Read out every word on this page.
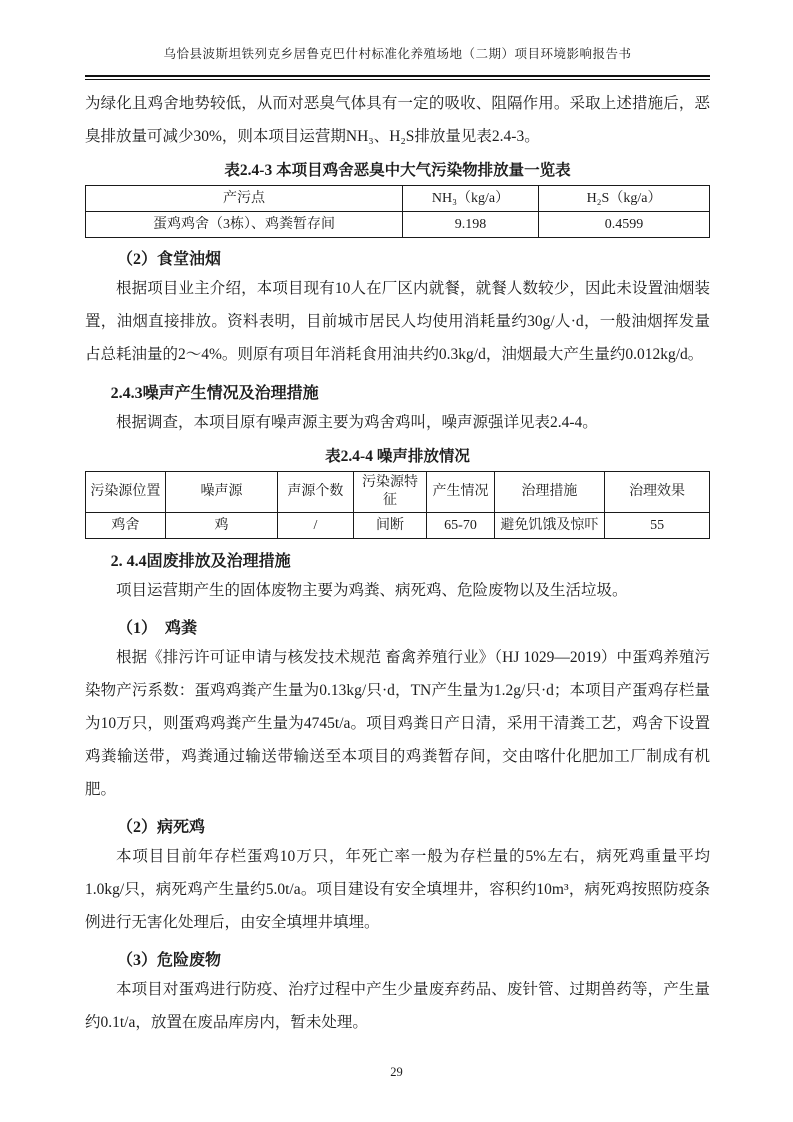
乌恰县波斯坦铁列克乡居鲁克巴什村标准化养殖场地（二期）项目环境影响报告书

为绿化且鸡舍地势较低，从而对恶臭气体具有一定的吸收、阻隔作用。采取上述措施后，恶臭排放量可减少30%，则本项目运营期NH₃、H₂S排放量见表2.4-3。

表2.4-3 本项目鸡舍恶臭中大气污染物排放量一览表
产污点	NH₃（kg/a）	H₂S（kg/a）
蛋鸡鸡舍（3栋）、鸡粪暂存间	9.198	0.4599
（2）食堂油烟

根据项目业主介绍，本项目现有10人在厂区内就餐，就餐人数较少，因此未设置油烟装置，油烟直接排放。资料表明，目前城市居民人均使用消耗量约30g/人·d，一般油烟挥发量占总耗油量的2～4%。则原有项目年消耗食用油共约0.3kg/d，油烟最大产生量约0.012kg/d。

2.4.3噪声产生情况及治理措施

根据调查，本项目原有噪声源主要为鸡舍鸡叫，噪声源强详见表2.4-4。

表2.4-4 噪声排放情况
污染源位置	噪声源	声源个数	污染源特征	产生情况	治理措施	治理效果
鸡舍	鸡	/	间断	65-70	避免饥饿及惊吓	55
2. 4.4固废排放及治理措施

项目运营期产生的固体废物主要为鸡粪、病死鸡、危险废物以及生活垃圾。

（1）　鸡粪

根据《排污许可证申请与核发技术规范 畜禽养殖行业》（HJ 1029—2019）中蛋鸡养殖污染物产污系数：蛋鸡鸡粪产生量为0.13kg/只·d，TN产生量为1.2g/只·d；本项目产蛋鸡存栏量为10万只，则蛋鸡鸡粪产生量为4745t/a。项目鸡粪日产日清，采用干清粪工艺，鸡舍下设置鸡粪输送带，鸡粪通过输送带输送至本项目的鸡粪暂存间，交由喀什化肥加工厂制成有机肥。

（2）病死鸡

本项目目前年存栏蛋鸡10万只，年死亡率一般为存栏量的5%左右，病死鸡重量平均1.0kg/只，病死鸡产生量约5.0t/a。项目建设有安全填埋井，容积约10m³，病死鸡按照防疫条例进行无害化处理后，由安全填埋井填埋。

（3）危险废物

本项目对蛋鸡进行防疫、治疗过程中产生少量废弃药品、废针管、过期兽药等，产生量约0.1t/a，放置在废品库房内，暂未处理。

29
